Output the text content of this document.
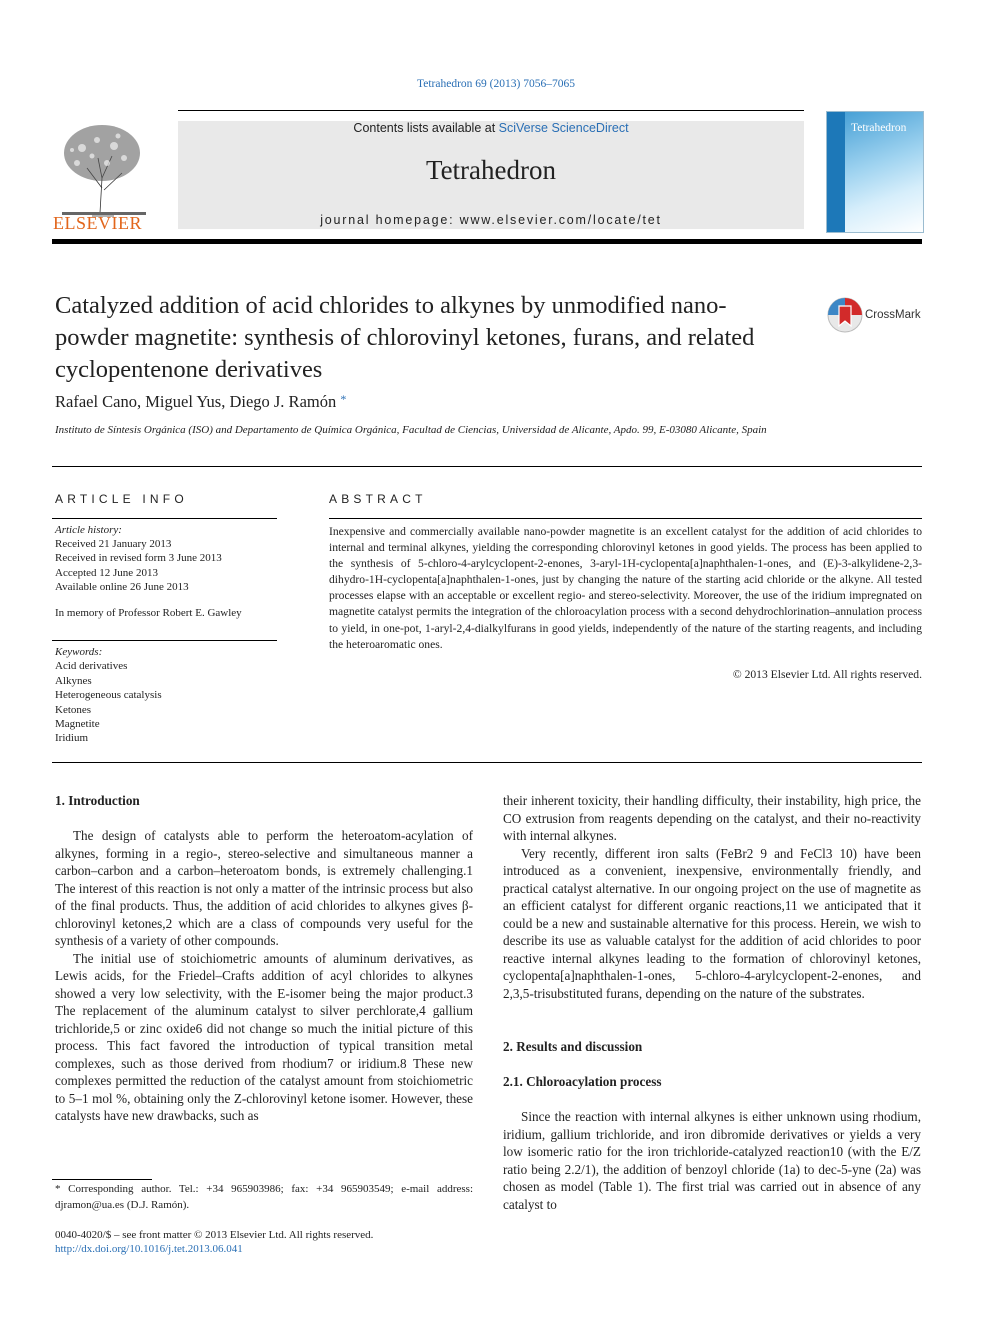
Tetrahedron 69 (2013) 7056–7065
ELSEVIER
Contents lists available at SciVerse ScienceDirect
Tetrahedron
journal homepage: www.elsevier.com/locate/tet
Tetrahedron
Catalyzed addition of acid chlorides to alkynes by unmodified nano-powder magnetite: synthesis of chlorovinyl ketones, furans, and related cyclopentenone derivatives
CrossMark
Rafael Cano, Miguel Yus, Diego J. Ramón *
Instituto de Síntesis Orgánica (ISO) and Departamento de Química Orgánica, Facultad de Ciencias, Universidad de Alicante, Apdo. 99, E-03080 Alicante, Spain
ARTICLE INFO	ABSTRACT
Article history:
Received 21 January 2013
Received in revised form 3 June 2013
Accepted 12 June 2013
Available online 26 June 2013
In memory of Professor Robert E. Gawley
Keywords:
Acid derivatives
Alkynes
Heterogeneous catalysis
Ketones
Magnetite
Iridium
Inexpensive and commercially available nano-powder magnetite is an excellent catalyst for the addition of acid chlorides to internal and terminal alkynes, yielding the corresponding chlorovinyl ketones in good yields. The process has been applied to the synthesis of 5-chloro-4-arylcyclopent-2-enones, 3-aryl-1H-cyclopenta[a]naphthalen-1-ones, and (E)-3-alkylidene-2,3-dihydro-1H-cyclopenta[a]naphthalen-1-ones, just by changing the nature of the starting acid chloride or the alkyne. All tested processes elapse with an acceptable or excellent regio- and stereo-selectivity. Moreover, the use of the iridium impregnated on magnetite catalyst permits the integration of the chloroacylation process with a second dehydrochlorination–annulation process to yield, in one-pot, 1-aryl-2,4-dialkylfurans in good yields, independently of the nature of the starting reagents, and including the heteroaromatic ones.
© 2013 Elsevier Ltd. All rights reserved.
1. Introduction

The design of catalysts able to perform the heteroatom-acylation of alkynes, forming in a regio-, stereo-selective and simultaneous manner a carbon–carbon and a carbon–heteroatom bonds, is extremely challenging.1 The interest of this reaction is not only a matter of the intrinsic process but also of the final products. Thus, the addition of acid chlorides to alkynes gives β-chlorovinyl ketones,2 which are a class of compounds very useful for the synthesis of a variety of other compounds.

The initial use of stoichiometric amounts of aluminum derivatives, as Lewis acids, for the Friedel–Crafts addition of acyl chlorides to alkynes showed a very low selectivity, with the E-isomer being the major product.3 The replacement of the aluminum catalyst to silver perchlorate,4 gallium trichloride,5 or zinc oxide6 did not change so much the initial picture of this process. This fact favored the introduction of typical transition metal complexes, such as those derived from rhodium7 or iridium.8 These new complexes permitted the reduction of the catalyst amount from stoichiometric to 5–1 mol %, obtaining only the Z-chlorovinyl ketone isomer. However, these catalysts have new drawbacks, such as

their inherent toxicity, their handling difficulty, their instability, high price, the CO extrusion from reagents depending on the catalyst, and their no-reactivity with internal alkynes.

Very recently, different iron salts (FeBr2 9 and FeCl3 10) have been introduced as a convenient, inexpensive, environmentally friendly, and practical catalyst alternative. In our ongoing project on the use of magnetite as an efficient catalyst for different organic reactions,11 we anticipated that it could be a new and sustainable alternative for this process. Herein, we wish to describe its use as valuable catalyst for the addition of acid chlorides to poor reactive internal alkynes leading to the formation of chlorovinyl ketones, cyclopenta[a]naphthalen-1-ones, 5-chloro-4-arylcyclopent-2-enones, and 2,3,5-trisubstituted furans, depending on the nature of the substrates.

2. Results and discussion
2.1. Chloroacylation process

Since the reaction with internal alkynes is either unknown using rhodium, iridium, gallium trichloride, and iron dibromide derivatives or yields a very low isomeric ratio for the iron trichloride-catalyzed reaction10 (with the E/Z ratio being 2.2/1), the addition of benzoyl chloride (1a) to dec-5-yne (2a) was chosen as model (Table 1). The first trial was carried out in absence of any catalyst to

* Corresponding author. Tel.: +34 965903986; fax: +34 965903549; e-mail address: djramon@ua.es (D.J. Ramón).
0040-4020/$ – see front matter © 2013 Elsevier Ltd. All rights reserved.
http://dx.doi.org/10.1016/j.tet.2013.06.041
